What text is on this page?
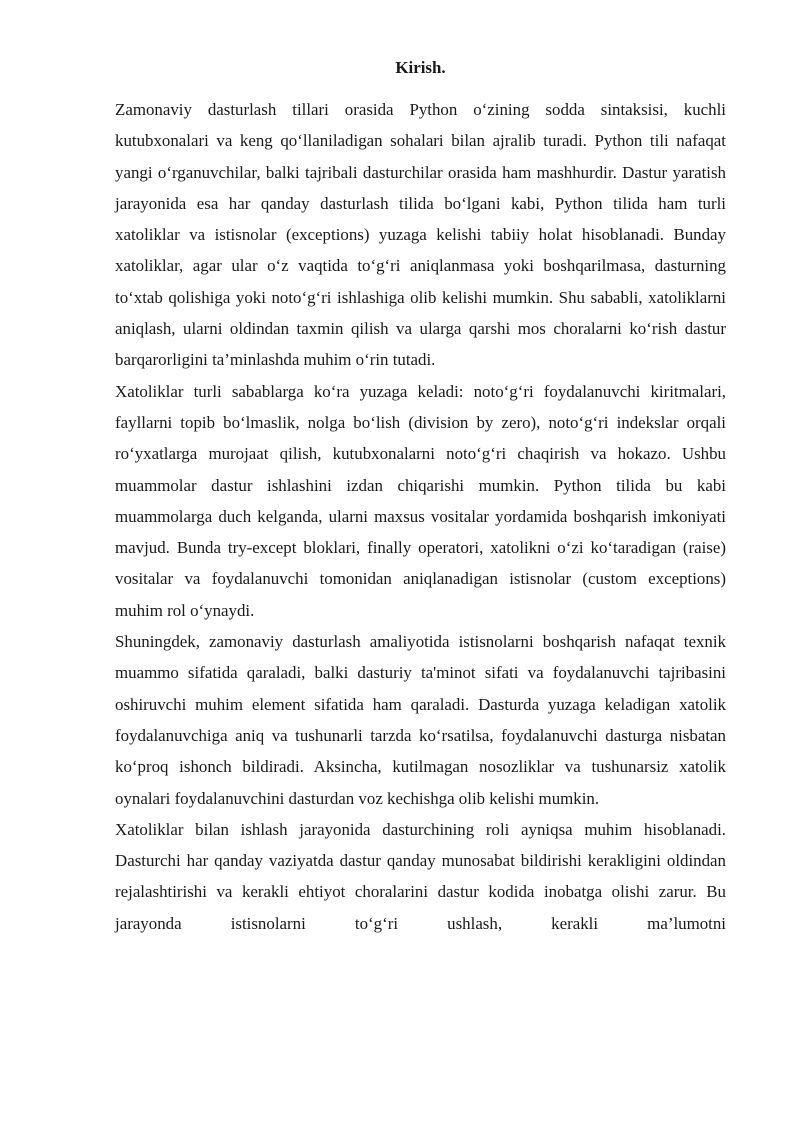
Kirish.

Zamonaviy dasturlash tillari orasida Python o‘zining sodda sintaksisi, kuchli kutubxonalari va keng qo‘llaniladigan sohalari bilan ajralib turadi. Python tili nafaqat yangi o‘rganuvchilar, balki tajribali dasturchilar orasida ham mashhurdir. Dastur yaratish jarayonida esa har qanday dasturlash tilida bo‘lgani kabi, Python tilida ham turli xatoliklar va istisnolar (exceptions) yuzaga kelishi tabiiy holat hisoblanadi. Bunday xatoliklar, agar ular o‘z vaqtida to‘g‘ri aniqlanmasa yoki boshqarilmasa, dasturning to‘xtab qolishiga yoki noto‘g‘ri ishlashiga olib kelishi mumkin. Shu sababli, xatoliklarni aniqlash, ularni oldindan taxmin qilish va ularga qarshi mos choralarni ko‘rish dastur barqarorligini ta’minlashda muhim o‘rin tutadi.

Xatoliklar turli sabablarga ko‘ra yuzaga keladi: noto‘g‘ri foydalanuvchi kiritmalari, fayllarni topib bo‘lmaslik, nolga bo‘lish (division by zero), noto‘g‘ri indekslar orqali ro‘yxatlarga murojaat qilish, kutubxonalarni noto‘g‘ri chaqirish va hokazo. Ushbu muammolar dastur ishlashini izdan chiqarishi mumkin. Python tilida bu kabi muammolarga duch kelganda, ularni maxsus vositalar yordamida boshqarish imkoniyati mavjud. Bunda try-except bloklari, finally operatori, xatolikni o‘zi ko‘taradigan (raise) vositalar va foydalanuvchi tomonidan aniqlanadigan istisnolar (custom exceptions) muhim rol o‘ynaydi.

Shuningdek, zamonaviy dasturlash amaliyotida istisnolarni boshqarish nafaqat texnik muammo sifatida qaraladi, balki dasturiy ta'minot sifati va foydalanuvchi tajribasini oshiruvchi muhim element sifatida ham qaraladi. Dasturda yuzaga keladigan xatolik foydalanuvchiga aniq va tushunarli tarzda ko‘rsatilsa, foydalanuvchi dasturga nisbatan ko‘proq ishonch bildiradi. Aksincha, kutilmagan nosozliklar va tushunarsiz xatolik oynalari foydalanuvchini dasturdan voz kechishga olib kelishi mumkin.

Xatoliklar bilan ishlash jarayonida dasturchining roli ayniqsa muhim hisoblanadi. Dasturchi har qanday vaziyatda dastur qanday munosabat bildirishi kerakligini oldindan rejalashtirishi va kerakli ehtiyot choralarini dastur kodida inobatga olishi zarur. Bu jarayonda istisnolarni to‘g‘ri ushlash, kerakli ma’lumotni
